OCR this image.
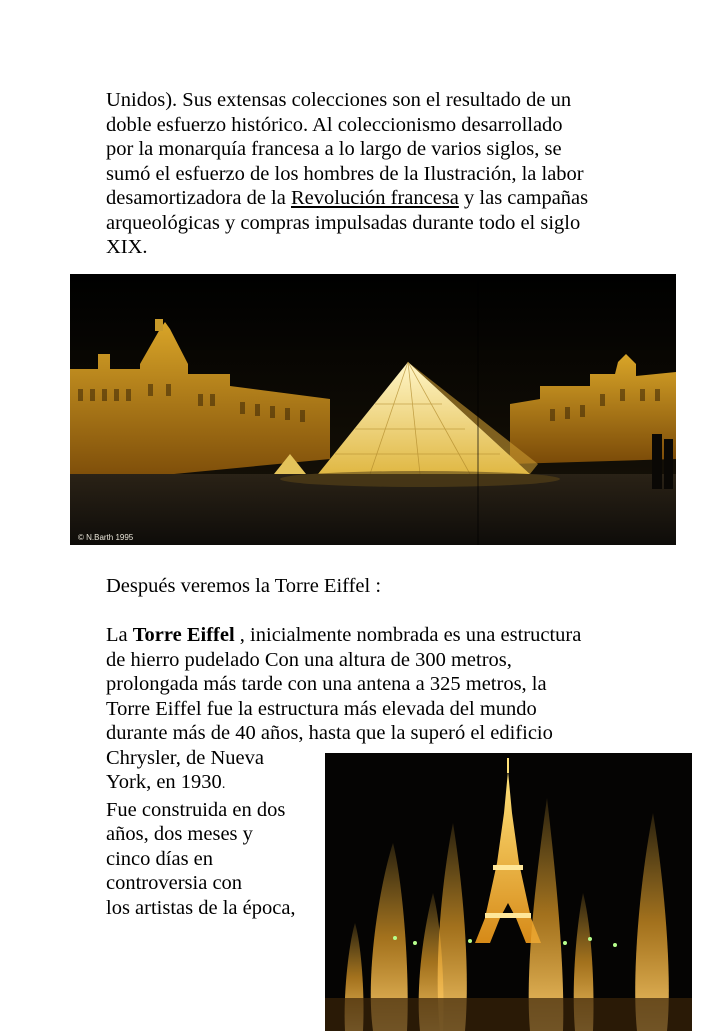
Unidos). Sus extensas colecciones son el resultado de un
doble esfuerzo histórico. Al coleccionismo desarrollado
por la monarquía francesa a lo largo de varios siglos, se
sumó el esfuerzo de los hombres de la Ilustración, la labor
desamortizadora de la Revolución francesa y las campañas
arqueológicas y compras impulsadas durante todo el siglo
XIX.
© N.Barth 1995
Después veremos la Torre Eiffel :
La Torre Eiffel , inicialmente nombrada es una estructura
de hierro pudelado Con una altura de 300 metros,
prolongada más tarde con una antena a 325 metros, la
Torre Eiffel fue la estructura más elevada del mundo
durante más de 40 años, hasta que la superó el edificio
Chrysler, de Nueva
York, en 1930.
Fue construida en dos
años, dos meses y
cinco días en
controversia con
los artistas de la época,
